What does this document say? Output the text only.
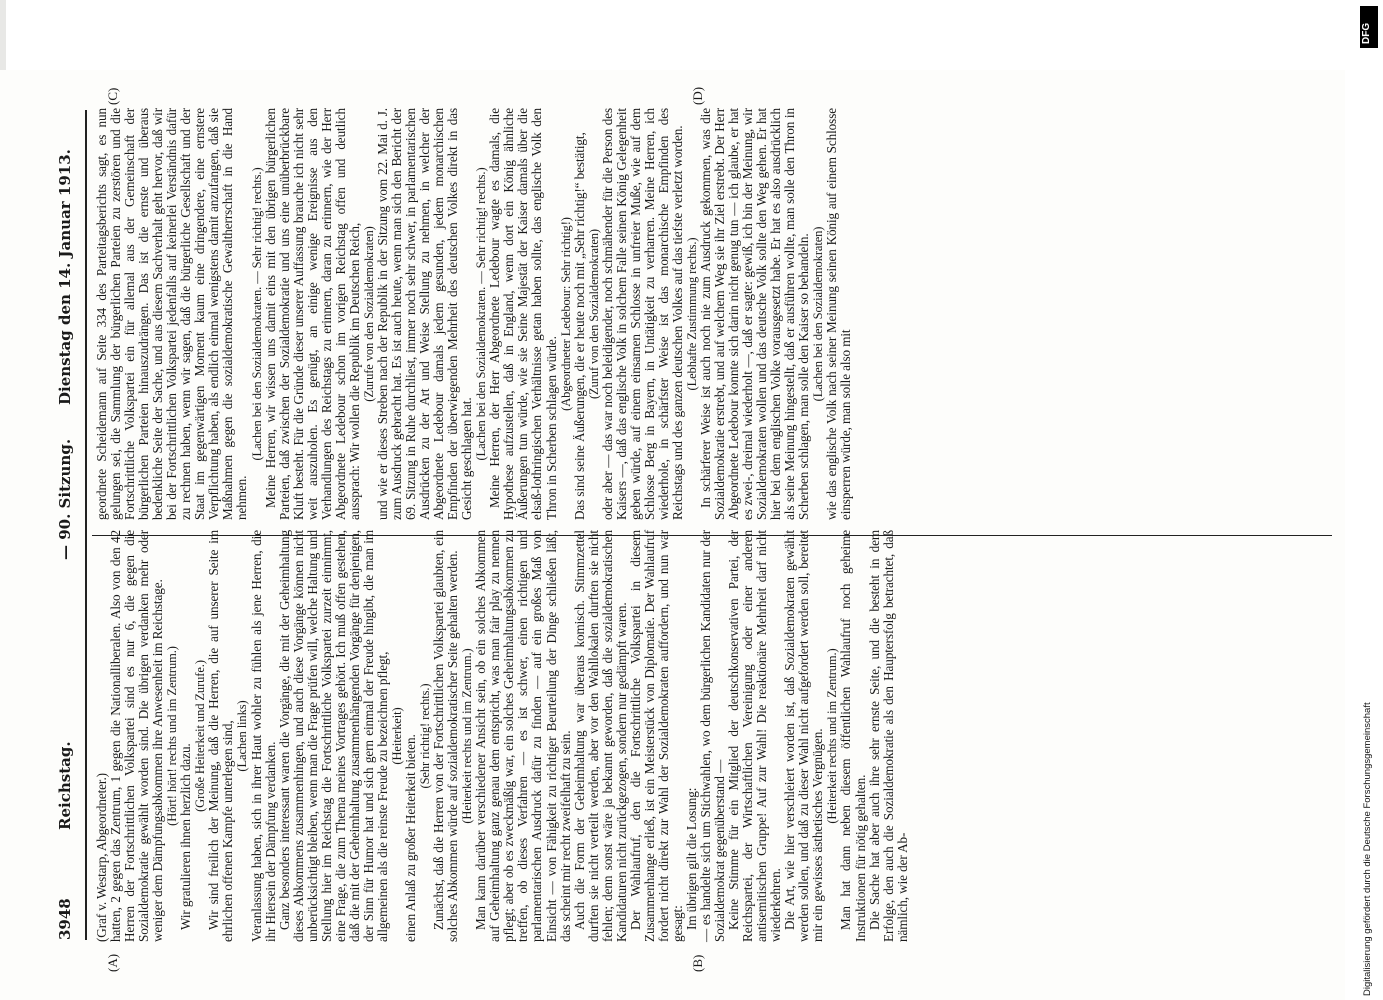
3948
Reichstag.
— 90. Sitzung.
Dienstag den 14. Januar 1913.
(A)	(B)
(C)	(D)

(Graf v. Westarp, Abgeordneter.) hatten, 2 gegen das Zentrum, 1 gegen die Nationalliberalen. Also von den 42 Herren der Fortschrittlichen Volkspartei sind es nur 6, die gegen die Sozialdemokratie gewählt worden sind. Die übrigen verdanken mehr oder weniger dem Dämpfungsabkommen ihre Anwesenheit im Reichstage. (Hört! hört! rechts und im Zentrum.)

Wir gratulieren ihnen herzlich dazu.

(Große Heiterkeit und Zurufe.) Wir sind freilich der Meinung, daß die Herren, die auf unserer Seite im ehrlichen offenen Kampfe unterlegen sind, (Lachen links) Veranlassung haben, sich in ihrer Haut wohler zu fühlen als jene Herren, die ihr Hiersein der Dämpfung verdanken. Ganz besonders interessant waren die Vorgänge, die mit der Geheimhaltung dieses Abkommens zusammenhingen, und auch diese Vorgänge können nicht unberücksichtigt bleiben, wenn man die Frage prüfen will, welche Haltung und Stellung hier im Reichstag die Fortschrittliche Volkspartei zurzeit einnimmt, eine Frage, die zum Thema meines Vortrages gehört. Ich muß offen gestehen, daß die mit der Geheimhaltung zusammenhängenden Vorgänge für denjenigen, der Sinn für Humor hat und sich gern einmal der Freude hingibt, die man im allgemeinen als die reinste Freude zu bezeichnen pflegt, (Heiterkeit) einen Anlaß zu großer Heiterkeit bieten. (Sehr richtig! rechts.) Zunächst, daß die Herren von der Fortschrittlichen Volkspartei glaubten, ein solches Abkommen würde auf sozialdemokratischer Seite gehalten werden. (Heiterkeit rechts und im Zentrum.) Man kann darüber verschiedener Ansicht sein, ob ein solches Abkommen auf Geheimhaltung ganz genau dem entspricht, was man fair play zu nennen pflegt; aber ob es zweckmäßig war, ein solches Geheimhaltungsabkommen zu treffen, ob dieses Verfahren — es ist schwer, einen richtigen und parlamentarischen Ausdruck dafür zu finden — auf ein großes Maß von Einsicht — von Fähigkeit zu richtiger Beurteilung der Dinge schließen läßt, das scheint mir recht zweifelhaft zu sein. Auch die Form der Geheimhaltung war überaus komisch. Stimmzettel durften sie nicht verteilt werden, aber vor den Wahllokalen durften sie nicht fehlen; denn sonst wäre ja bekannt geworden, daß die sozialdemokratischen Kandidaturen nicht zurückgezogen, sondern nur gedämpft waren. Der Wahlaufruf, den die Fortschrittliche Volkspartei in diesem Zusammenhange erließ, ist ein Meisterstück von Diplomatie. Der Wahlaufruf fordert nicht direkt zur Wahl der Sozialdemokraten auffordern, und nun war gesagt: Im übrigen gilt die Losung: — es handelte sich um Stichwahlen, wo dem bürgerlichen Kandidaten nur der Sozialdemokrat gegenüberstand — Keine Stimme für ein Mitglied der deutschkonservativen Partei, der Reichspartei, der Wirtschaftlichen Vereinigung oder einer anderen antisemitischen Gruppe! Auf zur Wahl! Die reaktionäre Mehrheit darf nicht wiederkehren. Die Art, wie hier verschleiert worden ist, daß Sozialdemokraten gewählt werden sollen, und daß zu dieser Wahl nicht aufgefordert werden soll, bereitet mir ein gewisses ästhetisches Vergnügen. (Heiterkeit rechts und im Zentrum.) Man hat dann neben diesem öffentlichen Wahlaufruf noch geheime Instruktionen für nötig gehalten. Die Sache hat aber auch ihre sehr ernste Seite, und die besteht in dem Erfolge, den auch die Sozialdemokratie als den Hauptersfolg betrachtet, daß nämlich, wie der Ab-

geordnete Scheidemann auf Seite 334 des Parteitagsberichts sagt, es nun gelungen sei, die Sammlung der bürgerlichen Parteien zu zerstören und die Fortschrittliche Volkspartei ein für allemal aus der Gemeinschaft der bürgerlichen Parteien hinauszudrängen. Das ist die ernste und überaus bedenkliche Seite der Sache, und aus diesem Sachverhalt geht hervor, daß wir bei der Fortschrittlichen Volkspartei jedenfalls auf keinerlei Verständnis dafür zu rechnen haben, wenn wir sagen, daß die bürgerliche Gesellschaft und der Staat im gegenwärtigen Moment kaum eine dringendere, eine ernstere Verpflichtung haben, als endlich einmal wenigstens damit anzufangen, daß sie Maßnahmen gegen die sozialdemokratische Gewaltherrschaft in die Hand nehmen.

(Lachen bei den Sozialdemokraten. — Sehr richtig! rechts.) Meine Herren, wir wissen uns damit eins mit den übrigen bürgerlichen Parteien, daß zwischen der Sozialdemokratie und uns eine unüberbrückbare Kluft besteht. Für die Gründe dieser unserer Auffassung brauche ich nicht sehr weit auszuholen. Es genügt, an einige wenige Ereignisse aus den Verhandlungen des Reichstags zu erinnern, daran zu erinnern, wie der Herr Abgeordnete Ledebour schon im vorigen Reichstag offen und deutlich aussprach: Wir wollen die Republik im Deutschen Reich, (Zurufe von den Sozialdemokraten) und wie er dieses Streben nach der Republik in der Sitzung vom 22. Mai d. J. zum Ausdruck gebracht hat. Es ist auch heute, wenn man sich den Bericht der 69. Sitzung in Ruhe durchliest, immer noch sehr schwer, in parlamentarischen Ausdrücken zu der Art und Weise Stellung zu nehmen, in welcher der Abgeordnete Ledebour damals jedem gesunden, jedem monarchischen Empfinden der überwiegenden Mehrheit des deutschen Volkes direkt in das Gesicht geschlagen hat. (Lachen bei den Sozialdemokraten. — Sehr richtig! rechts.) Meine Herren, der Herr Abgeordnete Ledebour wagte es damals, die Hypothese aufzustellen, daß in England, wenn dort ein König ähnliche Äußerungen tun würde, wie sie Seine Majestät der Kaiser damals über die elsaß-lothringischen Verhältnisse getan haben sollte, das englische Volk den Thron in Scherben schlagen würde.

(Abgeordneter Ledebour: Sehr richtig!) Das sind seine Äußerungen, die er heute noch mit „Sehr richtig!“ bestätigt, (Zuruf von den Sozialdemokraten) oder aber — das war noch beleidigender, noch schmähender für die Person des Kaisers —, daß das englische Volk in solchem Falle seinen König Gelegenheit geben würde, auf einem einsamen Schlosse in unfreier Muße, wie auf dem Schlosse Berg in Bayern, in Untätigkeit zu verharren. Meine Herren, ich wiederhole, in schärfster Weise ist das monarchische Empfinden des Reichstags und des ganzen deutschen Volkes auf das tiefste verletzt worden. (Lebhafte Zustimmung rechts.) In schärferer Weise ist auch noch nie zum Ausdruck gekommen, was die Sozialdemokratie erstrebt, und auf welchem Weg sie ihr Ziel erstrebt. Der Herr Abgeordnete Ledebour konnte sich darin nicht genug tun — ich glaube, er hat es zwei-, dreimal wiederholt —, daß er sagte: gewiß, ich bin der Meinung, wir Sozialdemokraten wollen und das deutsche Volk sollte den Weg gehen. Er hat hier bei dem englischen Volke vorausgesetzt habe. Er hat es also ausdrücklich als seine Meinung hingestellt, daß er ausführen wollte, man solle den Thron in Scherben schlagen, man solle den Kaiser so behandeln. (Lachen bei den Sozialdemokraten) wie das englische Volk nach seiner Meinung seinen König auf einem Schlosse einsperren würde, man solle also mit

Digitalisierung gefördert durch die Deutsche Forschungsgemeinschaft
DFG
